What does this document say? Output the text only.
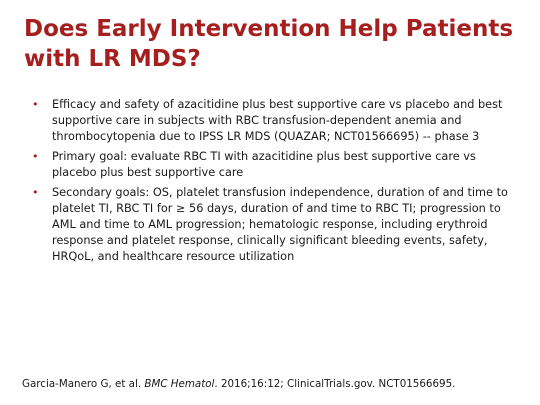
Does Early Intervention Help Patients
with LR MDS?
• Efficacy and safety of azacitidine plus best supportive care vs placebo and best supportive care in subjects with RBC transfusion-dependent anemia and thrombocytopenia due to IPSS LR MDS (QUAZAR; NCT01566695) -- phase 3
• Primary goal: evaluate RBC TI with azacitidine plus best supportive care vs placebo plus best supportive care
• Secondary goals: OS, platelet transfusion independence, duration of and time to platelet TI, RBC TI for ≥ 56 days, duration of and time to RBC TI; progression to AML and time to AML progression; hematologic response, including erythroid response and platelet response, clinically significant bleeding events, safety, HRQoL, and healthcare resource utilization

Garcia-Manero G, et al. BMC Hematol. 2016;16:12; ClinicalTrials.gov. NCT01566695.
